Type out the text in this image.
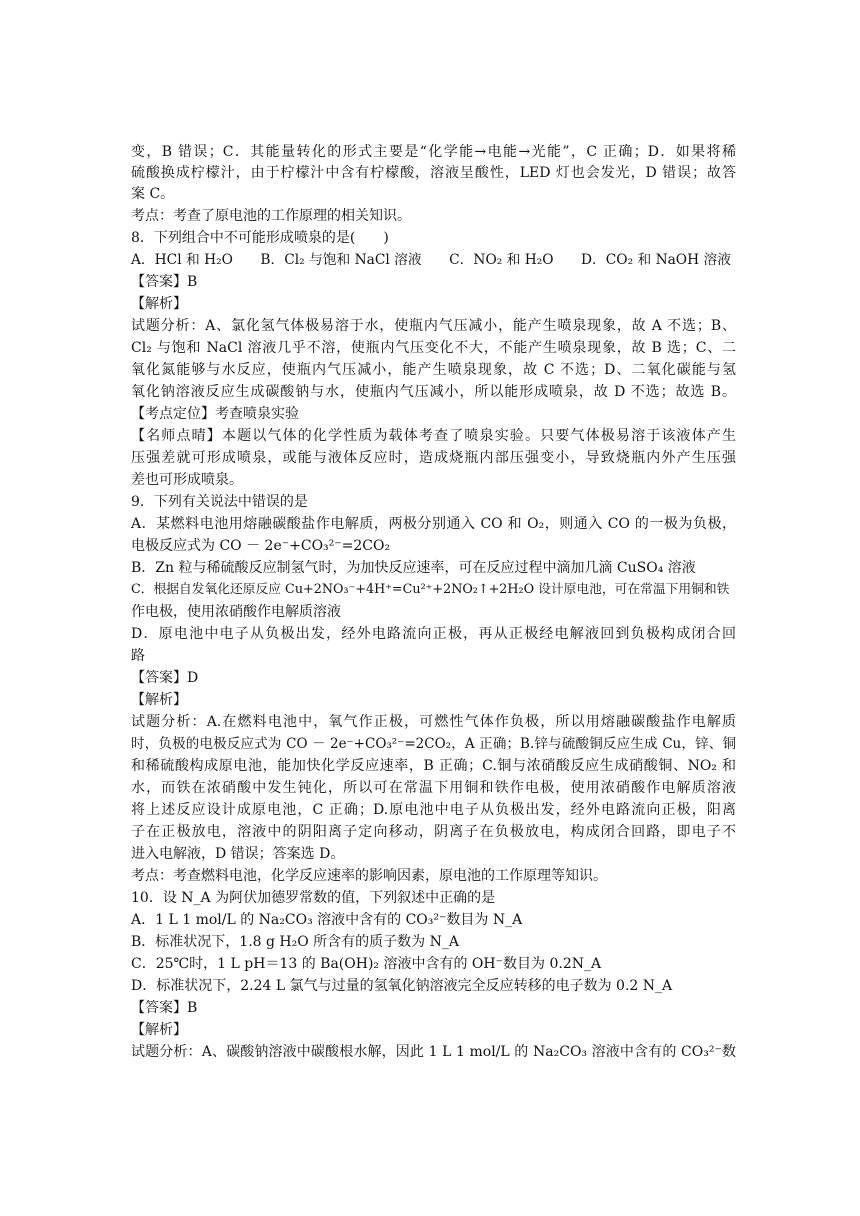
变，B 错误；C．其能量转化的形式主要是“化学能→电能→光能”，C 正确；D．如果将稀
硫酸换成柠檬汁，由于柠檬汁中含有柠檬酸，溶液呈酸性，LED 灯也会发光，D 错误；故答
案 C。
考点：考查了原电池的工作原理的相关知识。
8．下列组合中不可能形成喷泉的是(　　)
A．HCl 和 H₂O　　B．Cl₂ 与饱和 NaCl 溶液　　C．NO₂ 和 H₂O　　D．CO₂ 和 NaOH 溶液
【答案】B
【解析】
试题分析：A、氯化氢气体极易溶于水，使瓶内气压减小，能产生喷泉现象，故 A 不选；B、
Cl₂ 与饱和 NaCl 溶液几乎不溶，使瓶内气压变化不大，不能产生喷泉现象，故 B 选；C、二
氧化氮能够与水反应，使瓶内气压减小，能产生喷泉现象，故 C 不选；D、二氧化碳能与氢
氧化钠溶液反应生成碳酸钠与水，使瓶内气压减小，所以能形成喷泉，故 D 不选；故选 B。
【考点定位】考查喷泉实验
【名师点晴】本题以气体的化学性质为载体考查了喷泉实验。只要气体极易溶于该液体产生
压强差就可形成喷泉，或能与液体反应时，造成烧瓶内部压强变小，导致烧瓶内外产生压强
差也可形成喷泉。
9．下列有关说法中错误的是
A．某燃料电池用熔融碳酸盐作电解质，两极分别通入 CO 和 O₂，则通入 CO 的一极为负极，
电极反应式为 CO － 2e⁻+CO₃²⁻=2CO₂
B．Zn 粒与稀硫酸反应制氢气时，为加快反应速率，可在反应过程中滴加几滴 CuSO₄ 溶液
C．根据自发氧化还原反应 Cu+2NO₃⁻+4H⁺=Cu²⁺+2NO₂↑+2H₂O 设计原电池，可在常温下用铜和铁
作电极，使用浓硝酸作电解质溶液
D．原电池中电子从负极出发，经外电路流向正极，再从正极经电解液回到负极构成闭合回
路
【答案】D
【解析】
试题分析：A.在燃料电池中，氧气作正极，可燃性气体作负极，所以用熔融碳酸盐作电解质
时，负极的电极反应式为 CO － 2e⁻+CO₃²⁻=2CO₂，A 正确；B.锌与硫酸铜反应生成 Cu，锌、铜
和稀硫酸构成原电池，能加快化学反应速率，B 正确；C.铜与浓硝酸反应生成硝酸铜、NO₂ 和
水，而铁在浓硝酸中发生钝化，所以可在常温下用铜和铁作电极，使用浓硝酸作电解质溶液
将上述反应设计成原电池，C 正确；D.原电池中电子从负极出发，经外电路流向正极，阳离
子在正极放电，溶液中的阴阳离子定向移动，阴离子在负极放电，构成闭合回路，即电子不
进入电解液，D 错误；答案选 D。
考点：考查燃料电池，化学反应速率的影响因素，原电池的工作原理等知识。
10．设 N_A 为阿伏加德罗常数的值，下列叙述中正确的是
A．1 L 1 mol/L 的 Na₂CO₃ 溶液中含有的 CO₃²⁻数目为 N_A
B．标准状况下，1.8 g H₂O 所含有的质子数为 N_A
C．25℃时，1 L pH＝13 的 Ba(OH)₂ 溶液中含有的 OH⁻数目为 0.2N_A
D．标准状况下，2.24 L 氯气与过量的氢氧化钠溶液完全反应转移的电子数为 0.2 N_A
【答案】B
【解析】
试题分析：A、碳酸钠溶液中碳酸根水解，因此 1 L 1 mol/L 的 Na₂CO₃ 溶液中含有的 CO₃²⁻数
